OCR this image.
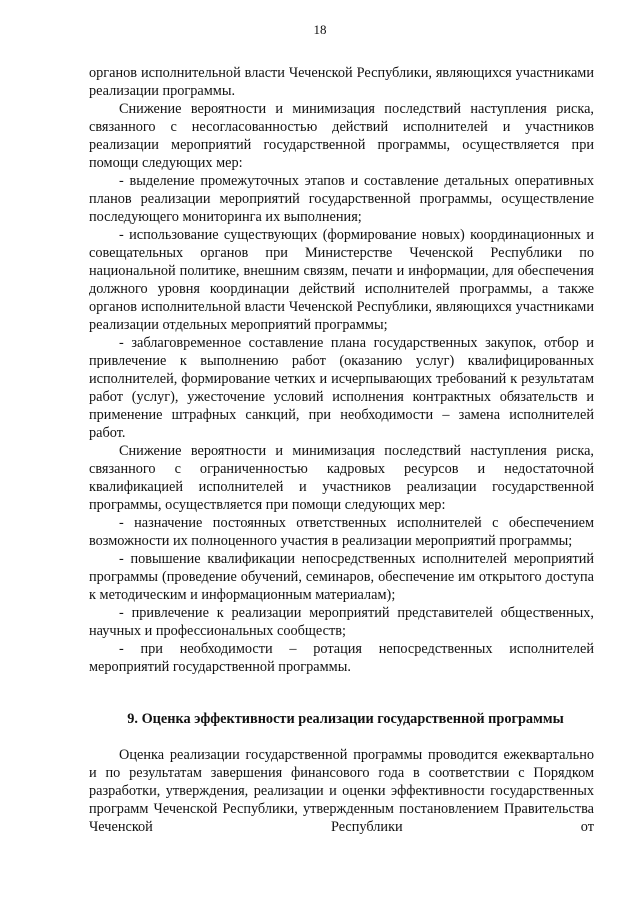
18

органов исполнительной власти Чеченской Республики, являющихся участниками реализации программы.

Снижение вероятности и минимизация последствий наступления риска, связанного с несогласованностью действий исполнителей и участников реализации мероприятий государственной программы, осуществляется при помощи следующих мер:

- выделение промежуточных этапов и составление детальных оперативных планов реализации мероприятий государственной программы, осуществление последующего мониторинга их выполнения;

- использование существующих (формирование новых) координационных и совещательных органов при Министерстве Чеченской Республики по национальной политике, внешним связям, печати и информации, для обеспечения должного уровня координации действий исполнителей программы, а также органов исполнительной власти Чеченской Республики, являющихся участниками реализации отдельных мероприятий программы;

- заблаговременное составление плана государственных закупок, отбор и привлечение к выполнению работ (оказанию услуг) квалифицированных исполнителей, формирование четких и исчерпывающих требований к результатам работ (услуг), ужесточение условий исполнения контрактных обязательств и применение штрафных санкций, при необходимости – замена исполнителей работ.

Снижение вероятности и минимизация последствий наступления риска, связанного с ограниченностью кадровых ресурсов и недостаточной квалификацией исполнителей и участников реализации государственной программы, осуществляется при помощи следующих мер:

- назначение постоянных ответственных исполнителей с обеспечением возможности их полноценного участия в реализации мероприятий программы;

- повышение квалификации непосредственных исполнителей мероприятий программы (проведение обучений, семинаров, обеспечение им открытого доступа к методическим и информационным материалам);

- привлечение к реализации мероприятий представителей общественных, научных и профессиональных сообществ;

- при необходимости – ротация непосредственных исполнителей мероприятий государственной программы.

9. Оценка эффективности реализации государственной программы

Оценка реализации государственной программы проводится ежеквартально и по результатам завершения финансового года в соответствии с Порядком разработки, утверждения, реализации и оценки эффективности государственных программ Чеченской Республики, утвержденным постановлением Правительства Чеченской Республики от
